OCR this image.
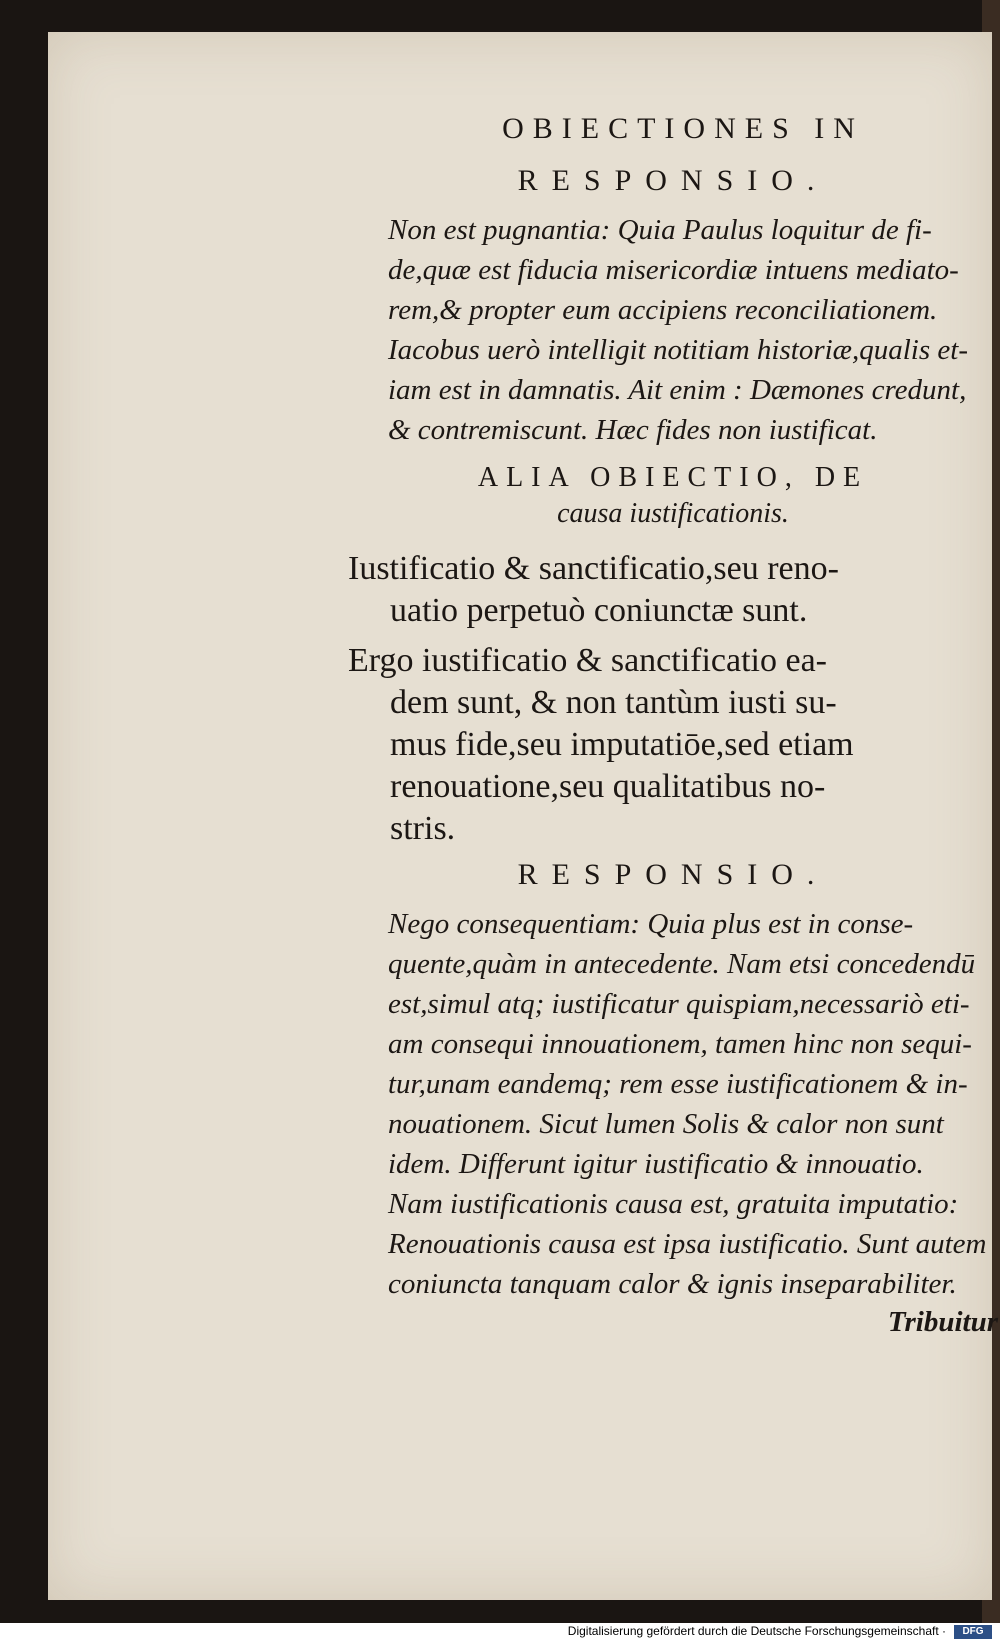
OBIECTIONES IN
RESPONSIO.
Non est pugnantia: Quia Paulus loquitur de fi-
de,quæ est fiducia misericordiæ intuens mediato-
rem,& propter eum accipiens reconciliationem.
Iacobus uerò intelligit notitiam historiæ,qualis et-
iam est in damnatis. Ait enim : Dæmones credunt,
& contremiscunt. Hæc fides non iustificat.
ALIA OBIECTIO, DE
causa iustificationis.

Iustificatio & sanctificatio,seu reno-
uatio perpetuò coniunctæ sunt.

Ergo iustificatio & sanctificatio ea-
dem sunt, & non tantùm iusti su-
mus fide,seu imputatiōe,sed etiam
renouatione,seu qualitatibus no-
stris.

RESPONSIO.
Nego consequentiam: Quia plus est in conse-
quente,quàm in antecedente. Nam etsi concedendū
est,simul atq; iustificatur quispiam,necessariò eti-
am consequi innouationem, tamen hinc non sequi-
tur,unam eandemq; rem esse iustificationem & in-
nouationem. Sicut lumen Solis & calor non sunt
idem. Differunt igitur iustificatio & innouatio.
Nam iustificationis causa est, gratuita imputatio:
Renouationis causa est ipsa iustificatio. Sunt autem
coniuncta tanquam calor & ignis inseparabiliter.
Tribuitur
Digitalisierung gefördert durch die Deutsche Forschungsgemeinschaft ·	DFG
